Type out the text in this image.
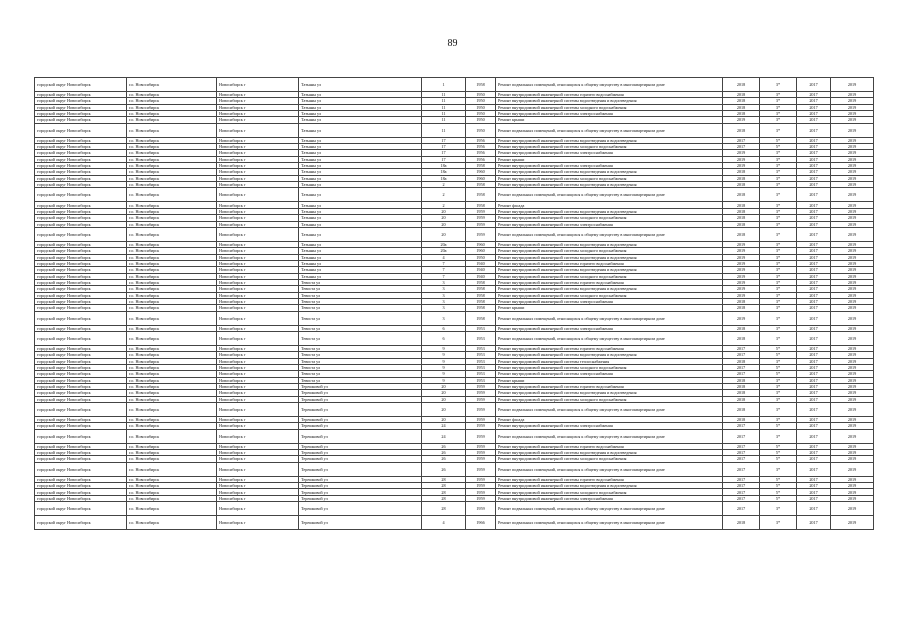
89
городской округ Новосибирск	г.о. Новосибирск	Новосибирск г	Татьяны ул	1	1958	Ремонт подвальных помещений, относящихся к общему имуществу в многоквартирном доме	2018	3*	2017	2019
городской округ Новосибирск	г.о. Новосибирск	Новосибирск г	Татьяны ул	11	1950	Ремонт внутридомовой инженерной системы горячего водоснабжения	2018	3*	2017	2019
городской округ Новосибирск	г.о. Новосибирск	Новосибирск г	Татьяны ул	11	1950	Ремонт внутридомовой инженерной системы водоотведения и водоотведения	2018	3*	2017	2019
городской округ Новосибирск	г.о. Новосибирск	Новосибирск г	Татьяны ул	11	1950	Ремонт внутридомовой инженерной системы холодного водоснабжения	2018	3*	2017	2019
городской округ Новосибирск	г.о. Новосибирск	Новосибирск г	Татьяны ул	11	1950	Ремонт внутридомовой инженерной системы электроснабжения	2018	3*	2017	2019
городской округ Новосибирск	г.о. Новосибирск	Новосибирск г	Татьяны ул	11	1950	Ремонт крыши	2019	3*	2017	2019
городской округ Новосибирск	г.о. Новосибирск	Новосибирск г	Татьяны ул	11	1950	Ремонт подвальных помещений, относящихся к общему имуществу в многоквартирном доме	2018	3*	2017	2019
городской округ Новосибирск	г.о. Новосибирск	Новосибирск г	Татьяны ул	17	1956	Ремонт внутридомовой инженерной системы водоотведения и водоотведения	2017	5*	2017	2019
городской округ Новосибирск	г.о. Новосибирск	Новосибирск г	Татьяны ул	17	1956	Ремонт внутридомовой инженерной системы холодного водоснабжения	2017	5*	2017	2019
городской округ Новосибирск	г.о. Новосибирск	Новосибирск г	Татьяны ул	17	1956	Ремонт внутридомовой инженерной системы электроснабжения	2019	3*	2017	2019
городской округ Новосибирск	г.о. Новосибирск	Новосибирск г	Татьяны ул	17	1956	Ремонт крыши	2019	3*	2017	2019
городской округ Новосибирск	г.о. Новосибирск	Новосибирск г	Татьяны ул	18а	1958	Ремонт внутридомовой инженерной системы электроснабжения	2019	3*	2017	2019
городской округ Новосибирск	г.о. Новосибирск	Новосибирск г	Татьяны ул	18а	1960	Ремонт внутридомовой инженерной системы водоотведения и водоотведения	2018	3*	2017	2019
городской округ Новосибирск	г.о. Новосибирск	Новосибирск г	Татьяны ул	18а	1960	Ремонт внутридомовой инженерной системы холодного водоснабжения	2018	3*	2017	2019
городской округ Новосибирск	г.о. Новосибирск	Новосибирск г	Татьяны ул	2	1958	Ремонт внутридомовой инженерной системы водоотведения и водоотведения	2018	3*	2017	2019
городской округ Новосибирск	г.о. Новосибирск	Новосибирск г	Татьяны ул	2	1958	Ремонт подвальных помещений, относящихся к общему имуществу в многоквартирном доме	2018	3*	2017	2019
городской округ Новосибирск	г.о. Новосибирск	Новосибирск г	Татьяны ул	2	1958	Ремонт фасада	2018	3*	2017	2019
городской округ Новосибирск	г.о. Новосибирск	Новосибирск г	Татьяны ул	20	1959	Ремонт внутридомовой инженерной системы водоотведения и водоотведения	2018	3*	2017	2019
городской округ Новосибирск	г.о. Новосибирск	Новосибирск г	Татьяны ул	20	1959	Ремонт внутридомовой инженерной системы холодного водоснабжения	2018	3*	2017	2019
городской округ Новосибирск	г.о. Новосибирск	Новосибирск г	Татьяны ул	20	1959	Ремонт внутридомовой инженерной системы электроснабжения	2018	3*	2017	2019
городской округ Новосибирск	г.о. Новосибирск	Новосибирск г	Татьяны ул	20	1959	Ремонт подвальных помещений, относящихся к общему имуществу в многоквартирном доме	2018	3*	2017	2019
городской округ Новосибирск	г.о. Новосибирск	Новосибирск г	Татьяны ул	20а	1960	Ремонт внутридомовой инженерной системы водоотведения и водоотведения	2019	3*	2017	2019
городской округ Новосибирск	г.о. Новосибирск	Новосибирск г	Татьяны ул	20а	1960	Ремонт внутридомовой инженерной системы холодного водоснабжения	2019	3*	2017	2019
городской округ Новосибирск	г.о. Новосибирск	Новосибирск г	Татьяны ул	4	1950	Ремонт внутридомовой инженерной системы водоотведения и водоотведения	2019	3*	2017	2019
городской округ Новосибирск	г.о. Новосибирск	Новосибирск г	Татьяны ул	7	1940	Ремонт внутридомовой инженерной системы горячего водоснабжения	2019	3*	2017	2019
городской округ Новосибирск	г.о. Новосибирск	Новосибирск г	Татьяны ул	7	1940	Ремонт внутридомовой инженерной системы водоотведения и водоотведения	2019	3*	2017	2019
городской округ Новосибирск	г.о. Новосибирск	Новосибирск г	Татьяны ул	7	1940	Ремонт внутридомовой инженерной системы холодного водоснабжения	2019	3*	2017	2019
городской округ Новосибирск	г.о. Новосибирск	Новосибирск г	Тевиста ул	3	1958	Ремонт внутридомовой инженерной системы горячего водоснабжения	2019	3*	2017	2019
городской округ Новосибирск	г.о. Новосибирск	Новосибирск г	Тевиста ул	3	1958	Ремонт внутридомовой инженерной системы водоотведения и водоотведения	2019	3*	2017	2019
городской округ Новосибирск	г.о. Новосибирск	Новосибирск г	Тевиста ул	3	1958	Ремонт внутридомовой инженерной системы холодного водоснабжения	2019	3*	2017	2019
городской округ Новосибирск	г.о. Новосибирск	Новосибирск г	Тевиста ул	3	1958	Ремонт внутридомовой инженерной системы электроснабжения	2018	3*	2017	2019
городской округ Новосибирск	г.о. Новосибирск	Новосибирск г	Тевиста ул	3	1958	Ремонт крыши	2018	3*	2017	2019
городской округ Новосибирск	г.о. Новосибирск	Новосибирск г	Тевиста ул	3	1958	Ремонт подвальных помещений, относящихся к общему имуществу в многоквартирном доме	2019	3*	2017	2019
городской округ Новосибирск	г.о. Новосибирск	Новосибирск г	Тевиста ул	6	1953	Ремонт внутридомовой инженерной системы электроснабжения	2018	3*	2017	2019
городской округ Новосибирск	г.о. Новосибирск	Новосибирск г	Тевиста ул	6	1953	Ремонт подвальных помещений, относящихся к общему имуществу в многоквартирном доме	2018	3*	2017	2019
городской округ Новосибирск	г.о. Новосибирск	Новосибирск г	Тевиста ул	9	1953	Ремонт внутридомовой инженерной системы горячего водоснабжения	2017	5*	2017	2019
городской округ Новосибирск	г.о. Новосибирск	Новосибирск г	Тевиста ул	9	1953	Ремонт внутридомовой инженерной системы водоотведения и водоотведения	2017	5*	2017	2019
городской округ Новосибирск	г.о. Новосибирск	Новосибирск г	Тевиста ул	9	1953	Ремонт внутридомовой инженерной системы теплоснабжения	2018	3*	2017	2019
городской округ Новосибирск	г.о. Новосибирск	Новосибирск г	Тевиста ул	9	1953	Ремонт внутридомовой инженерной системы холодного водоснабжения	2017	5*	2017	2019
городской округ Новосибирск	г.о. Новосибирск	Новосибирск г	Тевиста ул	9	1953	Ремонт внутридомовой инженерной системы электроснабжения	2017	5*	2017	2019
городской округ Новосибирск	г.о. Новосибирск	Новосибирск г	Тевиста ул	9	1953	Ремонт крыши	2018	3*	2017	2019
городской округ Новосибирск	г.о. Новосибирск	Новосибирск г	Терешковой ул	20	1959	Ремонт внутридомовой инженерной системы горячего водоснабжения	2018	3*	2017	2019
городской округ Новосибирск	г.о. Новосибирск	Новосибирск г	Терешковой ул	20	1959	Ремонт внутридомовой инженерной системы водоотведения и водоотведения	2018	3*	2017	2019
городской округ Новосибирск	г.о. Новосибирск	Новосибирск г	Терешковой ул	20	1959	Ремонт внутридомовой инженерной системы холодного водоснабжения	2018	3*	2017	2019
городской округ Новосибирск	г.о. Новосибирск	Новосибирск г	Терешковой ул	20	1959	Ремонт подвальных помещений, относящихся к общему имуществу в многоквартирном доме	2018	3*	2017	2019
городской округ Новосибирск	г.о. Новосибирск	Новосибирск г	Терешковой ул	20	1959	Ремонт фасада	2018	3*	2017	2019
городской округ Новосибирск	г.о. Новосибирск	Новосибирск г	Терешковой ул	24	1959	Ремонт внутридомовой инженерной системы электроснабжения	2017	5*	2017	2019
городской округ Новосибирск	г.о. Новосибирск	Новосибирск г	Терешковой ул	24	1959	Ремонт подвальных помещений, относящихся к общему имуществу в многоквартирном доме	2017	3*	2017	2019
городской округ Новосибирск	г.о. Новосибирск	Новосибирск г	Терешковой ул	26	1959	Ремонт внутридомовой инженерной системы горячего водоснабжения	2017	5*	2017	2019
городской округ Новосибирск	г.о. Новосибирск	Новосибирск г	Терешковой ул	26	1959	Ремонт внутридомовой инженерной системы водоотведения и водоотведения	2017	5*	2017	2019
городской округ Новосибирск	г.о. Новосибирск	Новосибирск г	Терешковой ул	26	1959	Ремонт внутридомовой инженерной системы холодного водоснабжения	2017	5*	2017	2019
городской округ Новосибирск	г.о. Новосибирск	Новосибирск г	Терешковой ул	26	1959	Ремонт подвальных помещений, относящихся к общему имуществу в многоквартирном доме	2017	3*	2017	2019
городской округ Новосибирск	г.о. Новосибирск	Новосибирск г	Терешковой ул	28	1959	Ремонт внутридомовой инженерной системы горячего водоснабжения	2017	5*	2017	2019
городской округ Новосибирск	г.о. Новосибирск	Новосибирск г	Терешковой ул	28	1959	Ремонт внутридомовой инженерной системы водоотведения и водоотведения	2017	5*	2017	2019
городской округ Новосибирск	г.о. Новосибирск	Новосибирск г	Терешковой ул	28	1959	Ремонт внутридомовой инженерной системы холодного водоснабжения	2017	5*	2017	2019
городской округ Новосибирск	г.о. Новосибирск	Новосибирск г	Терешковой ул	28	1959	Ремонт внутридомовой инженерной системы электроснабжения	2017	5*	2017	2019
городской округ Новосибирск	г.о. Новосибирск	Новосибирск г	Терешковой ул	28	1959	Ремонт подвальных помещений, относящихся к общему имуществу в многоквартирном доме	2017	3*	2017	2019
городской округ Новосибирск	г.о. Новосибирск	Новосибирск г	Терешковой ул	4	1966	Ремонт подвальных помещений, относящихся к общему имуществу в многоквартирном доме	2018	3*	2017	2019
